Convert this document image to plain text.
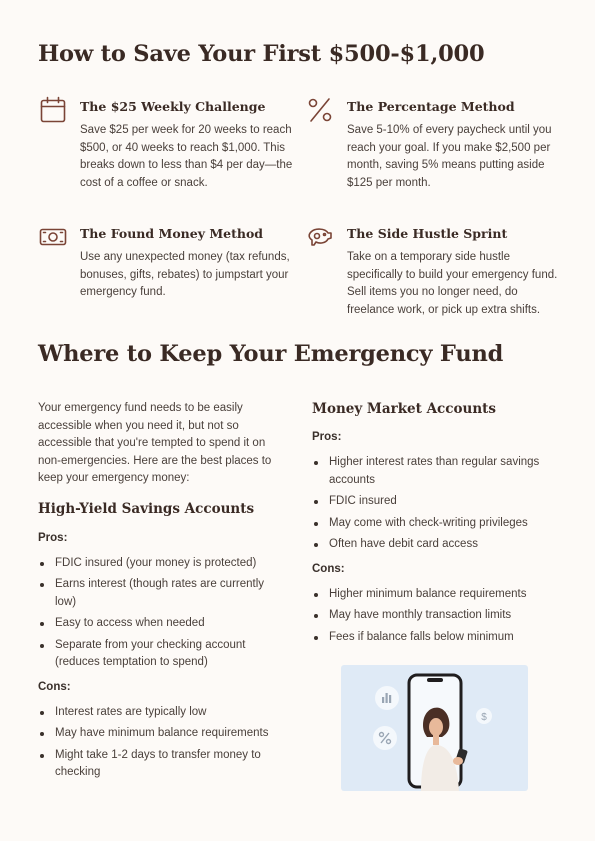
How to Save Your First $500-$1,000
The $25 Weekly Challenge
Save $25 per week for 20 weeks to reach $500, or 40 weeks to reach $1,000. This breaks down to less than $4 per day—the cost of a coffee or snack.
The Percentage Method
Save 5-10% of every paycheck until you reach your goal. If you make $2,500 per month, saving 5% means putting aside $125 per month.
The Found Money Method
Use any unexpected money (tax refunds, bonuses, gifts, rebates) to jumpstart your emergency fund.
The Side Hustle Sprint
Take on a temporary side hustle specifically to build your emergency fund. Sell items you no longer need, do freelance work, or pick up extra shifts.
Where to Keep Your Emergency Fund

Your emergency fund needs to be easily accessible when you need it, but not so accessible that you're tempted to spend it on non-emergencies. Here are the best places to keep your emergency money:

High-Yield Savings Accounts
Pros:
FDIC insured (your money is protected)
Earns interest (though rates are currently low)
Easy to access when needed
Separate from your checking account (reduces temptation to spend)
Cons:
Interest rates are typically low
May have minimum balance requirements
Might take 1-2 days to transfer money to checking
Money Market Accounts
Pros:
Higher interest rates than regular savings accounts
FDIC insured
May come with check-writing privileges
Often have debit card access
Cons:
Higher minimum balance requirements
May have monthly transaction limits
Fees if balance falls below minimum
$
